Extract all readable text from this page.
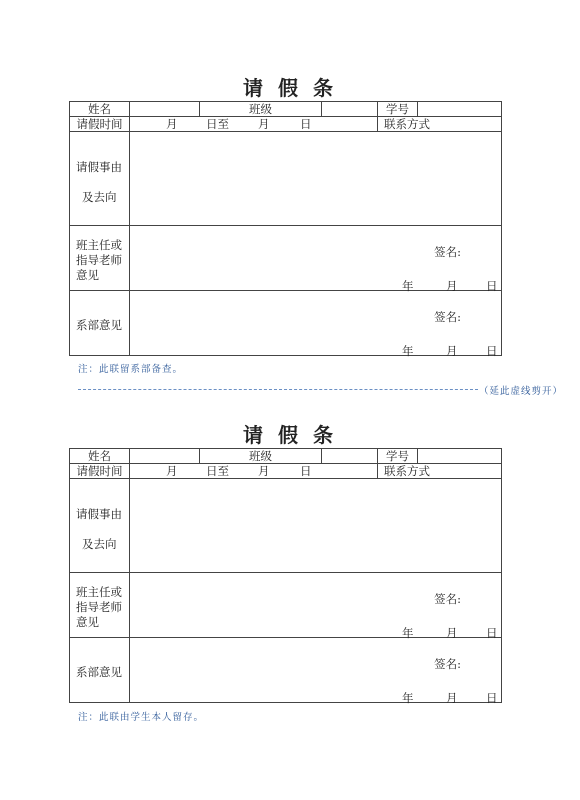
请 假 条
姓名		班级		学号	
请假时间	月 日至 月 日			联系方式	
请假事由
及去向					
班主任或
指导老师
意见	签名:
年 月 日				

系部意见	签名:
年 月 日				
注：此联留系部备查。
（延此虚线剪开）
请 假 条
姓名		班级		学号	
请假时间	月 日至 月 日			联系方式	
请假事由
及去向					
班主任或
指导老师
意见	签名:
年 月 日				

系部意见	签名:
年 月 日				
注：此联由学生本人留存。
